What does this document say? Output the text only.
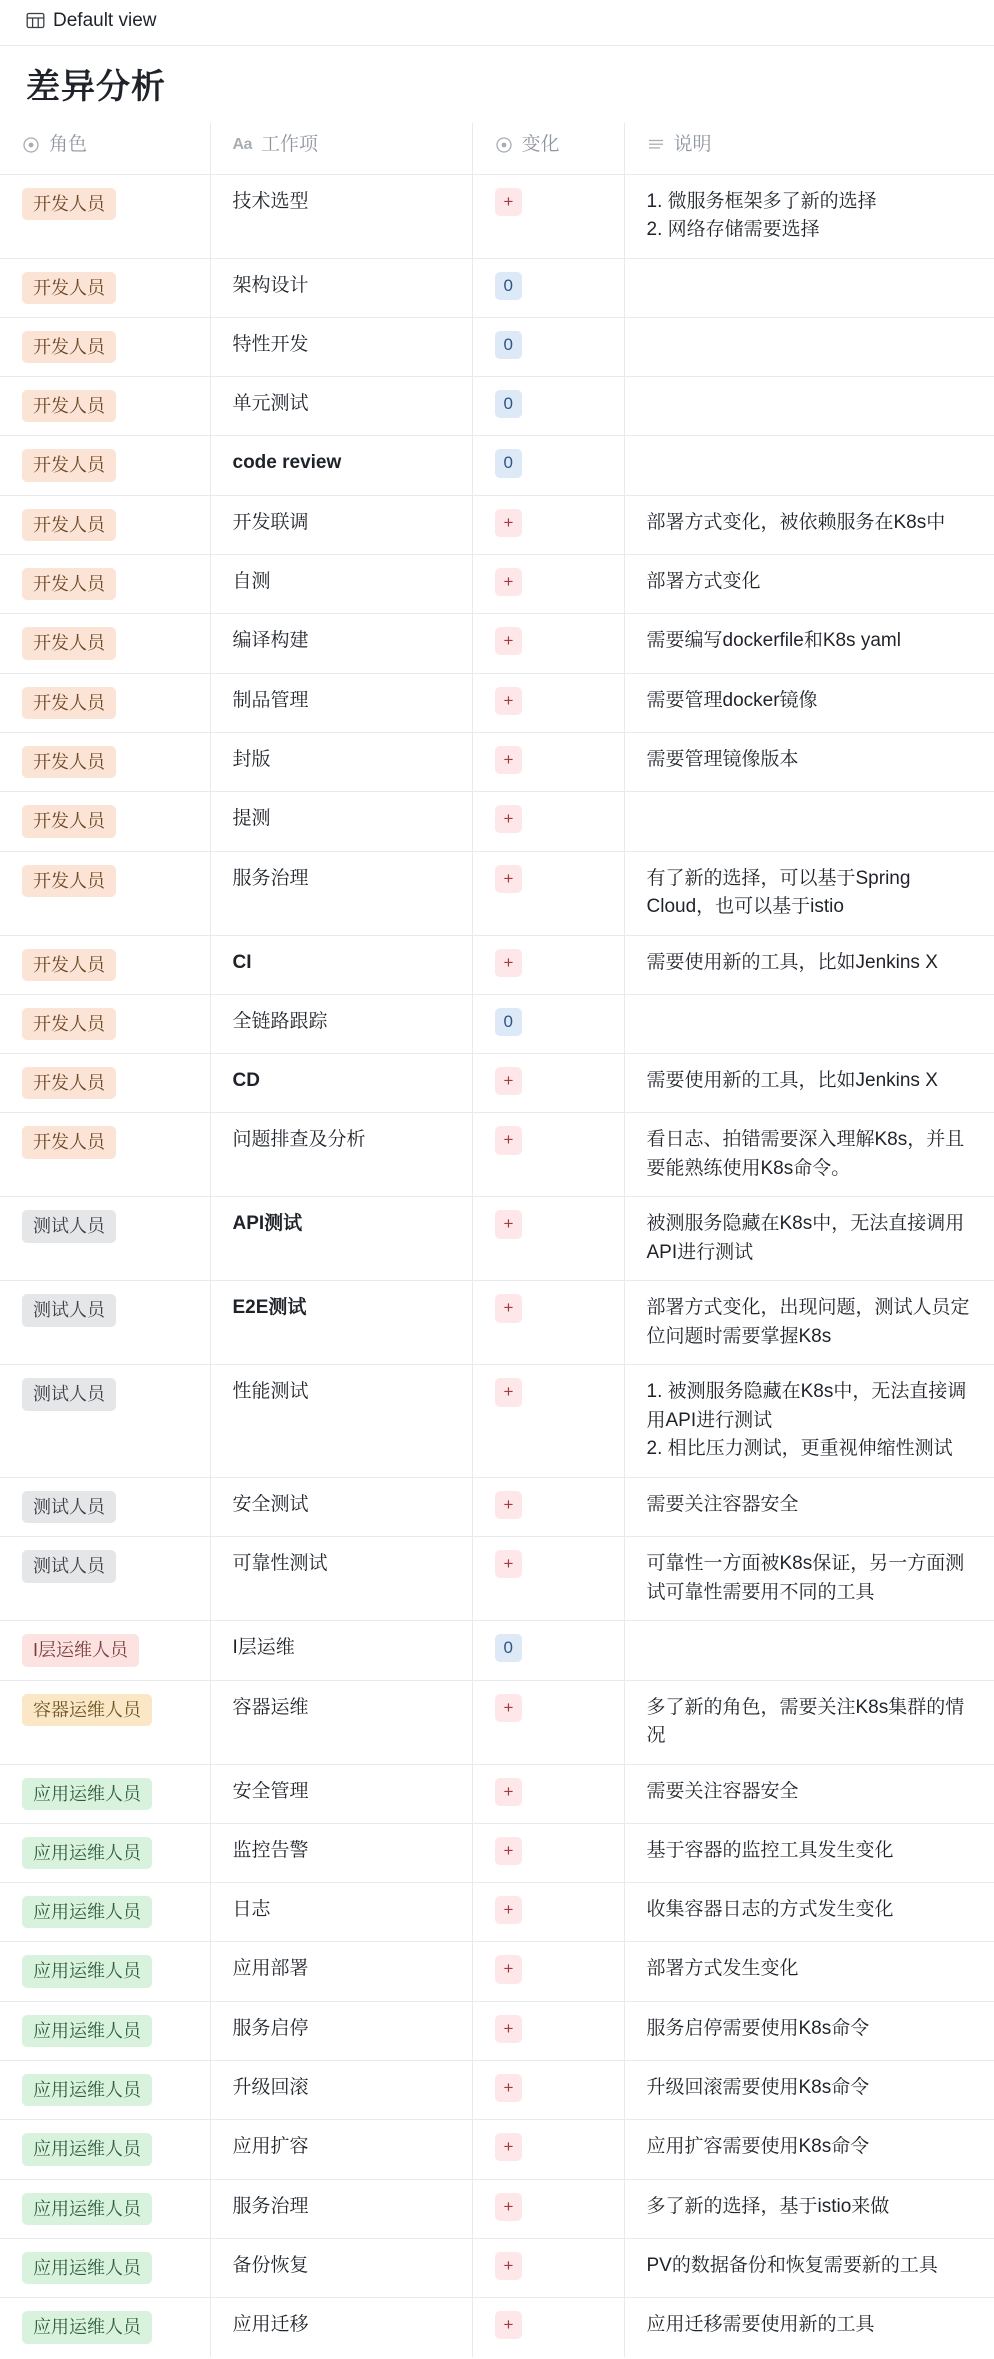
Default view
差异分析
角色	Aa 工作项	变化	说明

开发人员	技术选型	+	1. 微服务框架多了新的选择
2. 网络存储需要选择

开发人员	架构设计	0	
开发人员	特性开发	0	
开发人员	单元测试	0	
开发人员	code review	0	
开发人员	开发联调	+	部署方式变化，被依赖服务在K8s中

开发人员	自测	+	部署方式变化

开发人员	编译构建	+	需要编写dockerfile和K8s yaml

开发人员	制品管理	+	需要管理docker镜像

开发人员	封版	+	需要管理镜像版本

开发人员	提测	+	
开发人员	服务治理	+	有了新的选择，可以基于Spring Cloud，也可以基于istio

开发人员	CI	+	需要使用新的工具，比如Jenkins X

开发人员	全链路跟踪	0	
开发人员	CD	+	需要使用新的工具，比如Jenkins X

开发人员	问题排查及分析	+	看日志、拍错需要深入理解K8s，并且要能熟练使用K8s命令。

测试人员	API测试	+	被测服务隐藏在K8s中，无法直接调用API进行测试

测试人员	E2E测试	+	部署方式变化，出现问题，测试人员定位问题时需要掌握K8s

测试人员	性能测试	+	1. 被测服务隐藏在K8s中，无法直接调用API进行测试
2. 相比压力测试，更重视伸缩性测试

测试人员	安全测试	+	需要关注容器安全

测试人员	可靠性测试	+	可靠性一方面被K8s保证，另一方面测试可靠性需要用不同的工具

I层运维人员	I层运维	0	
容器运维人员	容器运维	+	多了新的角色，需要关注K8s集群的情况

应用运维人员	安全管理	+	需要关注容器安全

应用运维人员	监控告警	+	基于容器的监控工具发生变化

应用运维人员	日志	+	收集容器日志的方式发生变化

应用运维人员	应用部署	+	部署方式发生变化

应用运维人员	服务启停	+	服务启停需要使用K8s命令

应用运维人员	升级回滚	+	升级回滚需要使用K8s命令

应用运维人员	应用扩容	+	应用扩容需要使用K8s命令

应用运维人员	服务治理	+	多了新的选择，基于istio来做

应用运维人员	备份恢复	+	PV的数据备份和恢复需要新的工具

应用运维人员	应用迁移	+	应用迁移需要使用新的工具
